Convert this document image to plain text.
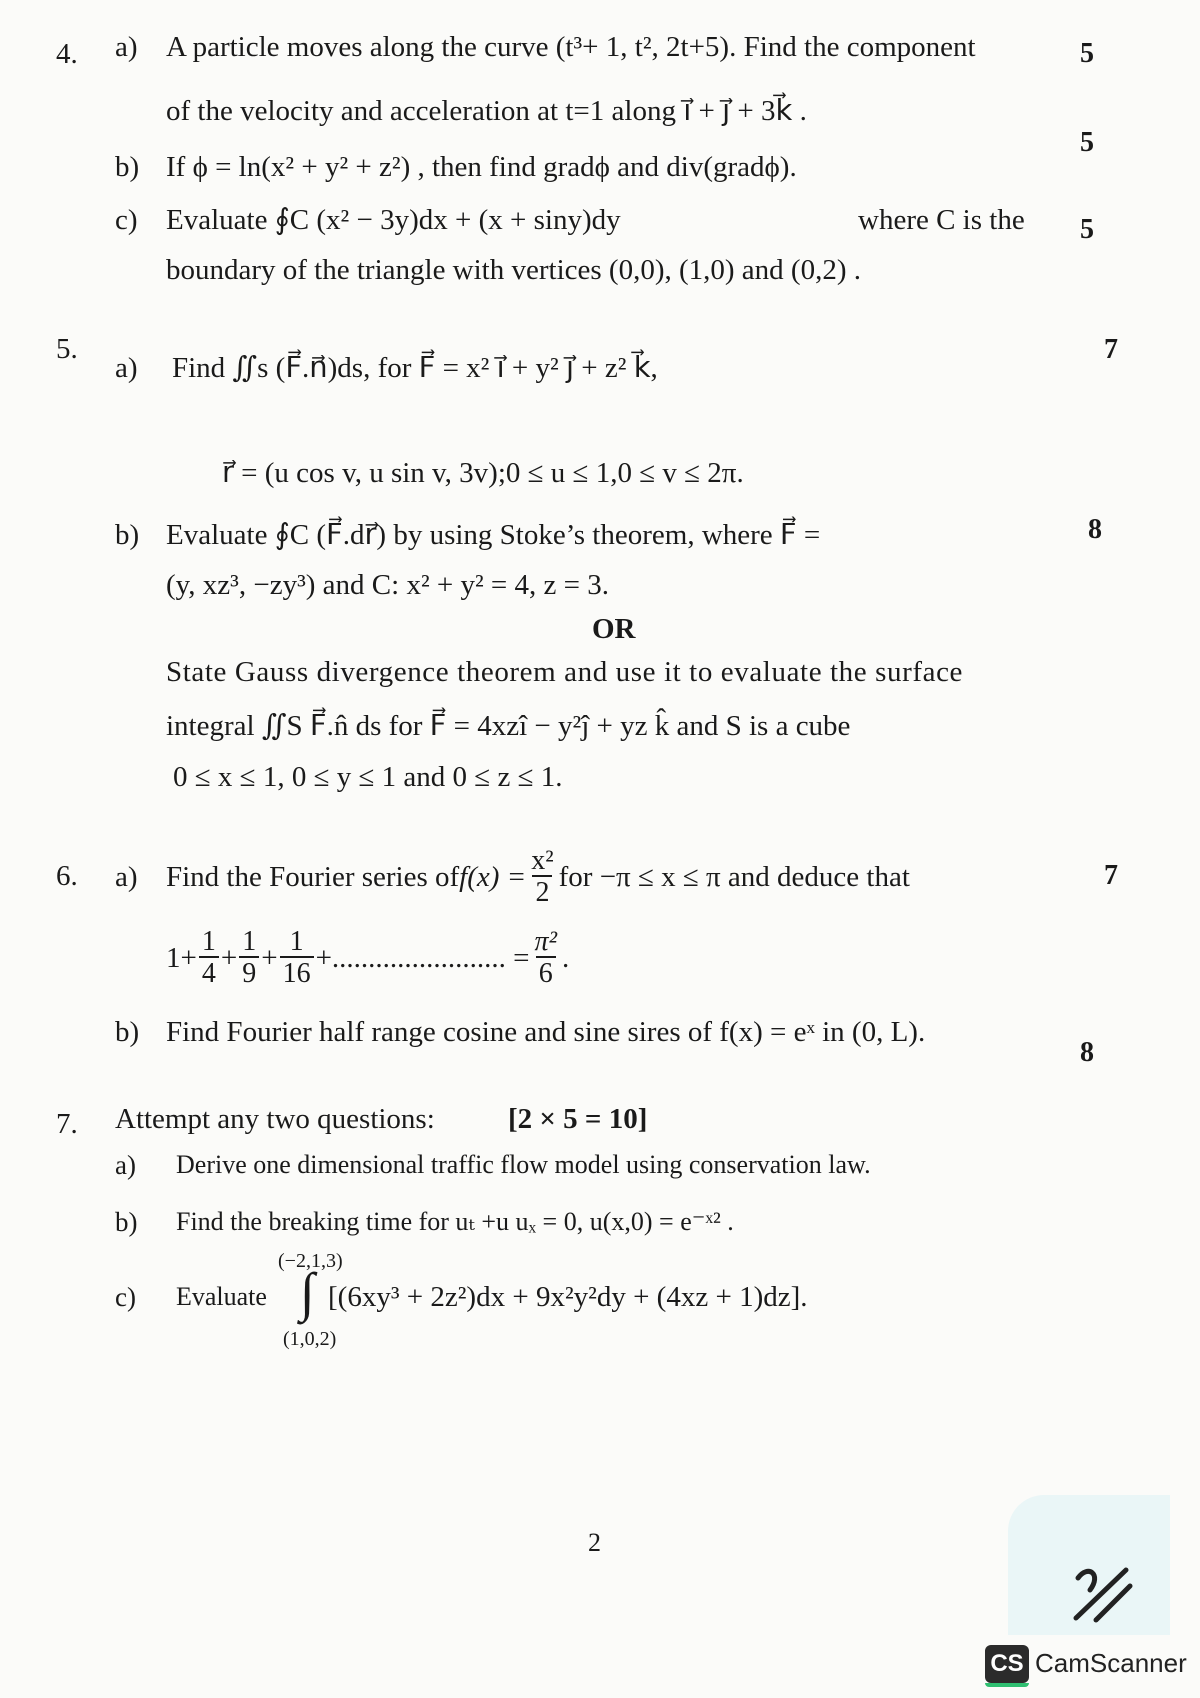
4. a) A particle moves along the curve (t³+ 1, t², 2t+5). Find the component	5
of the velocity and acceleration at t=1 along i⃗ + j⃗ + 3k⃗ .
b) If ϕ = ln(x² + y² + z²) , then find gradϕ and div(gradϕ).
5
c) Evaluate ∮C (x² − 3y)dx + (x + siny)dy	where C is the 5
boundary of the triangle with vertices (0,0), (1,0) and (0,2) .
5.
a) Find ∬s (F⃗.n⃗)ds, for F⃗ = x² i⃗ + y² j⃗ + z² k⃗,
7
r⃗ = (u cos v, u sin v, 3v);0 ≤ u ≤ 1,0 ≤ v ≤ 2π.
b) Evaluate ∮C (F⃗.dr⃗) by using Stoke’s theorem, where F⃗ =	8
(y, xz³, −zy³) and C: x² + y² = 4, z = 3.
OR
State Gauss divergence theorem and use it to evaluate the surface
integral ∬S F⃗.n̂ ds for F⃗ = 4xzî − y²ĵ + yz k̂ and S is a cube
0 ≤ x ≤ 1, 0 ≤ y ≤ 1 and 0 ≤ z ≤ 1.
6. a) Find the Fourier series of $f(x) = \frac{\text{x²}}{2}$ for −π ≤ x ≤ π and deduce that	7
$1+ \frac{1}{4} + \frac{1}{9} + \frac{1}{16}$ +........................ = $\frac{\text{π²}}{6}$ .
b) Find Fourier half range cosine and sine sires of f(x) = eˣ in (0, L).
8
7. Attempt any two questions:	[2 × 5 = 10]
a) Derive one dimensional traffic flow model using conservation law.
b) Find the breaking time for uₜ +u uₓ = 0, u(x,0) = e⁻ˣ² .
c) Evaluate
(−2,1,3)
∫
(1,0,2)
[(6xy³ + 2z²)dx + 9x²y²dy + (4xz + 1)dz].
2
CS CamScanner
